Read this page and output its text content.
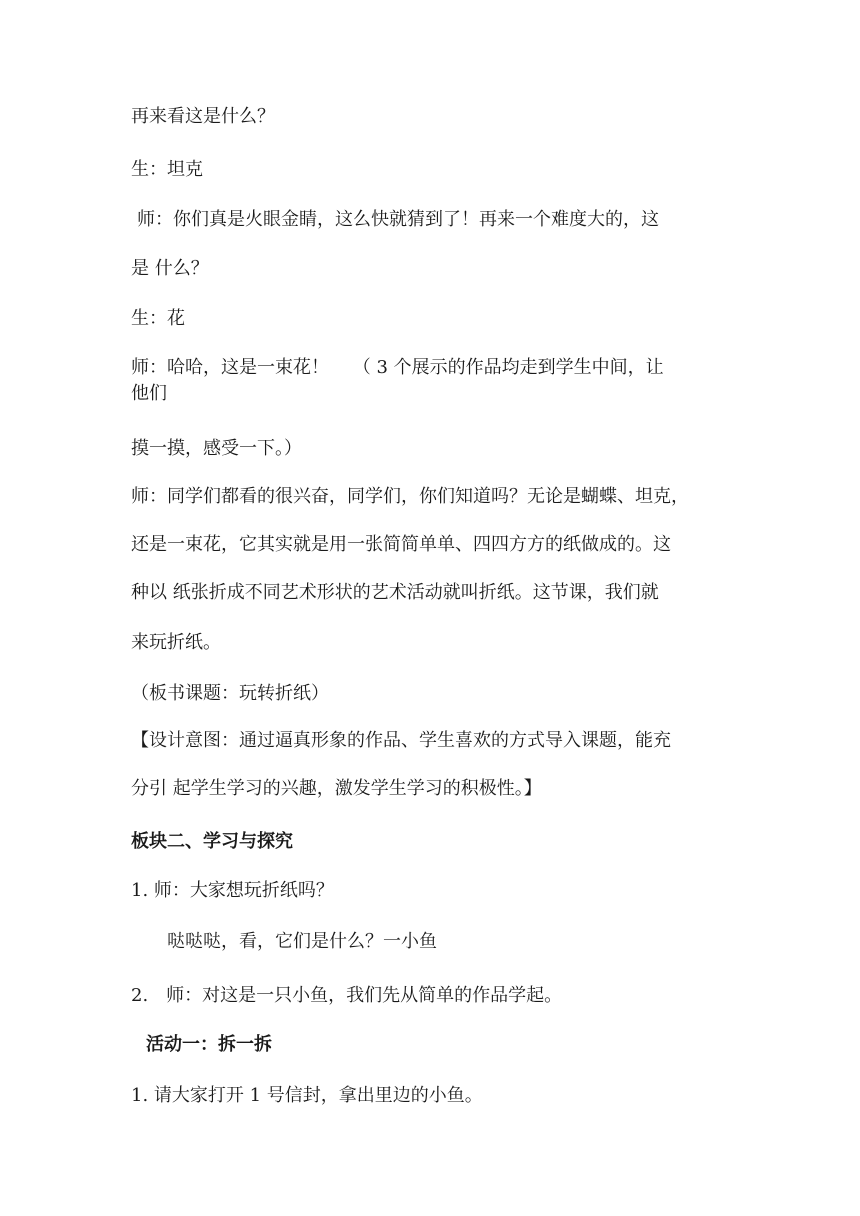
再来看这是什么？
生：坦克
师：你们真是火眼金睛，这么快就猜到了！再来一个难度大的，这
是 什么？
生：花
师：哈哈，这是一束花！　 （ 3 个展示的作品均走到学生中间，让
他们
摸一摸，感受一下。）
师：同学们都看的很兴奋，同学们，你们知道吗？无论是蝴蝶、坦克，
还是一束花，它其实就是用一张简简单单、四四方方的纸做成的。这
种以 纸张折成不同艺术形状的艺术活动就叫折纸。这节课，我们就
来玩折纸。
（板书课题：玩转折纸）
【设计意图：通过逼真形象的作品、学生喜欢的方式导入课题，能充
分引 起学生学习的兴趣，激发学生学习的积极性。】
板块二、学习与探究
1. 师：大家想玩折纸吗？
哒哒哒，看，它们是什么？一小鱼
2.　师：对这是一只小鱼，我们先从简单的作品学起。
活动一：拆一拆
1. 请大家打开 1 号信封，拿出里边的小鱼。
